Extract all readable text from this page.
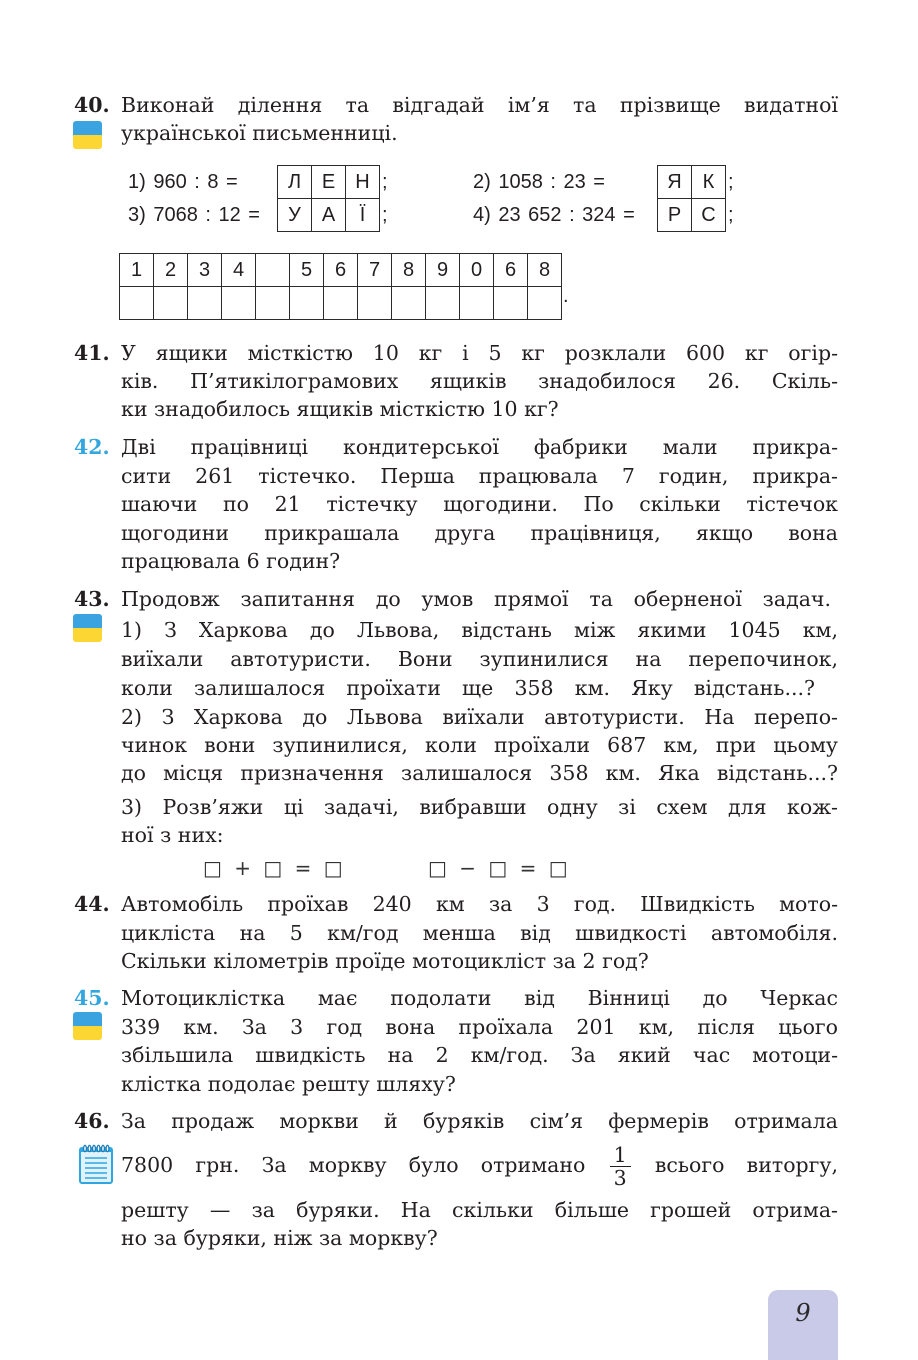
40. Виконай ділення та відгадай ім’я та прізвище видатної
української письменниці.
1) 960 : 8 =	Л	Е	Н ;	2) 1058 : 23 =	Я	К ;
3) 7068 : 12 =	У	А	Ї ;	4) 23 652 : 324 =	Р	С ;
1	2	3	4		5	6	7	8	9	0	6	8

.
41. У ящики місткістю 10 кг і 5 кг розклали 600 кг огір-
ків. П’ятикілограмових ящиків знадобилося 26. Скіль-
ки знадобилось ящиків місткістю 10 кг?
42. Дві працівниці кондитерської фабрики мали прикра-
сити 261 тістечко. Перша працювала 7 годин, прикра-
шаючи по 21 тістечку щогодини. По скільки тістечок
щогодини прикрашала друга працівниця, якщо вона
працювала 6 годин?
43. Продовж запитання до умов прямої та оберненої задач.
1) З Харкова до Львова, відстань між якими 1045 км,
виїхали автотуристи. Вони зупинилися на перепочинок,
коли залишалося проїхати ще 358 км. Яку відстань...?
2) З Харкова до Львова виїхали автотуристи. На перепо-
чинок вони зупинилися, коли проїхали 687 км, при цьому
до місця призначення залишалося 358 км. Яка відстань...?
3) Розв’яжи ці задачі, вибравши одну зі схем для кож-
ної з них:
□ + □ = □	□ − □ = □
44. Автомобіль проїхав 240 км за 3 год. Швидкість мото-
цикліста на 5 км/год менша від швидкості автомобіля.
Скільки кілометрів проїде мотоцикліст за 2 год?
45. Мотоциклістка має подолати від Вінниці до Черкас
339 км. За 3 год вона проїхала 201 км, після цього
збільшила швидкість на 2 км/год. За який час мотоци-
клістка подолає решту шляху?
46. За продаж моркви й буряків сім’я фермерів отримала
7800 грн. За моркву було отримано $\frac{1}{3}$ всього виторгу,
решту — за буряки. На скільки більше грошей отрима-
но за буряки, ніж за моркву?
9
